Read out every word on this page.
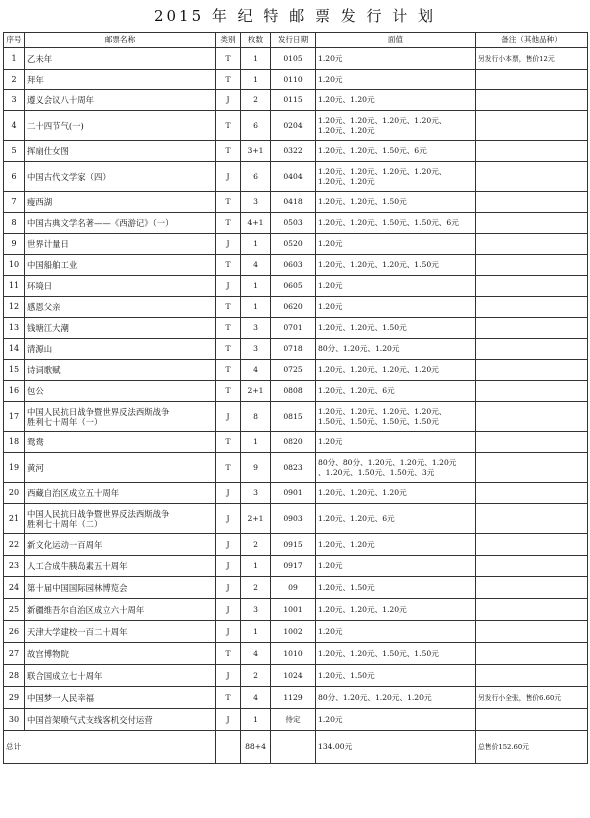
2015 年 纪 特 邮 票 发 行 计 划
序号	邮票名称	类别	枚数	发行日期	面值	备注（其他品种）
1	乙未年	T	1	0105	1.20元	另发行小本票，售价12元
2	拜年	T	1	0110	1.20元	
3	遵义会议八十周年	J	2	0115	1.20元、1.20元	
4	二十四节气(一)	T	6	0204	1.20元、1.20元、1.20元、1.20元、
1.20元、1.20元	
5	挥扇仕女图	T	3+1	0322	1.20元、1.20元、1.50元、6元	
6	中国古代文学家（四）	J	6	0404	1.20元、1.20元、1.20元、1.20元、
1.20元、1.20元	
7	瘦西湖	T	3	0418	1.20元、1.20元、1.50元	
8	中国古典文学名著——《西游记》（一）	T	4+1	0503	1.20元、1.20元、1.50元、1.50元、6元	
9	世界计量日	J	1	0520	1.20元	
10	中国船舶工业	T	4	0603	1.20元、1.20元、1.20元、1.50元	
11	环境日	J	1	0605	1.20元	
12	感恩父亲	T	1	0620	1.20元	
13	钱塘江大潮	T	3	0701	1.20元、1.20元、1.50元	
14	清源山	T	3	0718	80分、1.20元、1.20元	
15	诗词歌赋	T	4	0725	1.20元、1.20元、1.20元、1.20元	
16	包公	T	2+1	0808	1.20元、1.20元、6元	
17	中国人民抗日战争暨世界反法西斯战争
胜利七十周年（一）	J	8	0815	1.20元、1.20元、1.20元、1.20元、
1.50元、1.50元、1.50元、1.50元	
18	鸳鸯	T	1	0820	1.20元	
19	黄河	T	9	0823	80分、80分、1.20元、1.20元、1.20元
、1.20元、1.50元、1.50元、3元	
20	西藏自治区成立五十周年	J	3	0901	1.20元、1.20元、1.20元	
21	中国人民抗日战争暨世界反法西斯战争
胜利七十周年（二）	J	2+1	0903	1.20元、1.20元、6元	
22	新文化运动一百周年	J	2	0915	1.20元、1.20元	
23	人工合成牛胰岛素五十周年	J	1	0917	1.20元	
24	第十届中国国际园林博览会	J	2	09	1.20元、1.50元	
25	新疆维吾尔自治区成立六十周年	J	3	1001	1.20元、1.20元、1.20元	
26	天津大学建校一百二十周年	J	1	1002	1.20元	
27	故宫博物院	T	4	1010	1.20元、1.20元、1.50元、1.50元	
28	联合国成立七十周年	J	2	1024	1.20元、1.50元	
29	中国梦一人民幸福	T	4	1129	80分、1.20元、1.20元、1.20元	另发行小全张，售价6.60元
30	中国首架喷气式支线客机交付运营	J	1	待定	1.20元	
总计			88+4		134.00元	总售价152.60元
